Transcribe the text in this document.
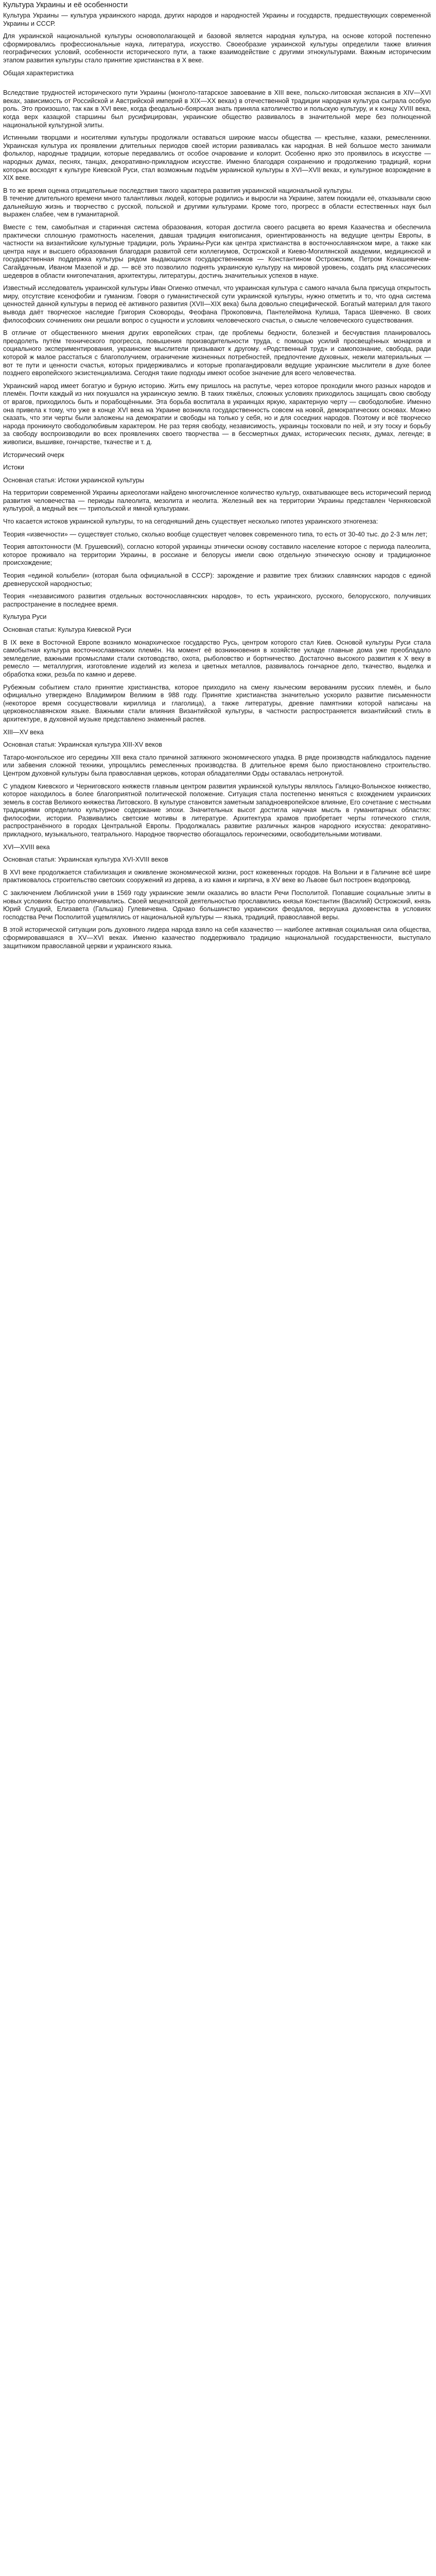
Культура Украины и её особенности

Культура Украины — культура украинского народа, других народов и народностей Украины и государств, предшествующих современной Украины и СССР.

Для украинской национальной культуры основополагающей и базовой является народная культура, на основе которой постепенно сформировались профессиональные наука, литература, искусство. Своеобразие украинской культуры определили также влияния географических условий, особенности исторического пути, а также взаимодействие с другими этнокультурами. Важным историческим этапом развития культуры стало принятие христианства в X веке.

Общая характеристика

Вследствие трудностей исторического пути Украины (монголо-татарское завоевание в XIII веке, польско-литовская экспансия в XIV—XVI веках, зависимость от Российской и Австрийской империй в XIX—XX веках) в отечественной традиции народная культура сыграла особую роль. Это произошло, так как в XVI веке, когда феодально-боярская знать приняла католичество и польскую культуру, и к концу XVIII века, когда верх казацкой старшины был русифицирован, украинские общество развивалось в значительной мере без полноценной национальной культурной элиты.

Истинными творцами и носителями культуры продолжали оставаться широкие массы общества — крестьяне, казаки, ремесленники. Украинская культура их проявлении длительных периодов своей истории развивалась как народная. В ней большое место занимали фольклор, народные традиции, которые передавались от особое очарование и колорит. Особенно ярко это проявилось в искусстве — народных думах, песнях, танцах, декоративно-прикладном искусстве. Именно благодаря сохранению и продолжению традиций, корни которых восходят к культуре Киевской Руси, стал возможным подъём украинской культуры в XVI—XVII веках, и культурное возрождение в XIX веке.

В то же время оценка отрицательные последствия такого характера развития украинской национальной культуры.
В течение длительного времени много талантливых людей, которые родились и выросли на Украине, затем покидали её, отказывали свою дальнейшую жизнь и творчество с русской, польской и другими культурами. Кроме того, прогресс в области естественных наук был выражен слабее, чем в гуманитарной.

Вместе с тем, самобытная и старинная система образования, которая достигла своего расцвета во время Казачества и обеспечила практически сплошную грамотность населения, давшая традиция книгописания, ориентированность на ведущие центры Европы, в частности на византийские культурные традиции, роль Украины-Руси как центра христианства в восточнославянском мире, а также как центра наук и высшего образования благодаря развитой сети коллегиумов, Острожской и Киево-Могилянской академии, медицинской и государственная поддержка культуры рядом выдающихся государственников — Константином Острожским, Петром Конашевичем-Сагайдачным, Иваном Мазепой и др. — всё это позволило поднять украинскую культуру на мировой уровень, создать ряд классических шедевров в области книгопечатания, архитектуры, литературы, достичь значительных успехов в науке.

Известный исследователь украинской культуры Иван Огиенко отмечал, что украинская культура с самого начала была присуща открытость миру, отсутствие ксенофобии и гуманизм. Говоря о гуманистической сути украинской культуры, нужно отметить и то, что одна система ценностей данной культуры в период её активного развития (XVII—XIX века) была довольно специфической. Богатый материал для такого вывода даёт творческое наследие Григория Сковороды, Феофана Прокоповича, Пантелеймона Кулиша, Тараса Шевченко. В своих философских сочинениях они решали вопрос о сущности и условиях человеческого счастья, о смысле человеческого существования.

В отличие от общественного мнения других европейских стран, где проблемы бедности, болезней и бесчувствия планировалось преодолеть путём технического прогресса, повышения производительности труда, с помощью усилий просвещённых монархов и социального экспериментирования, украинские мыслители призывают к другому. «Родственный труд» и самопознание, свобода, ради которой ж малое расстаться с благополучием, ограничение жизненных потребностей, предпочтение духовных, нежели материальных — вот те пути и ценности счастья, которых придерживались и которые пропагандировали ведущие украинские мыслители в духе более позднего европейского экзистенциализма. Сегодня такие подходы имеют особое значение для всего человечества.

Украинский народ имеет богатую и бурную историю. Жить ему пришлось на распутье, через которое проходили много разных народов и племён. Почти каждый из них покушался на украинскую землю. В таких тяжёлых, сложных условиях приходилось защищать свою свободу от врагов, приходилось быть и порабощёнными. Эта борьба воспитала в украинцах яркую, характерную черту — свободолюбие. Именно она привела к тому, что уже в конце XVI века на Украине возникла государственность совсем на новой, демократических основах. Можно сказать, что эти черты были заложены на демократии и свободы на только у себя, но и для соседних народов. Поэтому и всё творческо народа проникнуто свободолюбивым характером. Не раз теряя свободу, независимость, украинцы тосковали по ней, и эту тоску и борьбу за свободу воспроизводили во всех проявлениях своего творчества — в бессмертных думах, исторических песнях, думах, легенде; в живописи, вышивке, гончарстве, ткачестве и т. д.

Исторический очерк
Истоки
Основная статья: Истоки украинской культуры

На территории современной Украины археологами найдено многочисленное количество культур, охватывающее весь исторический период развития человечества — периоды палеолита, мезолита и неолита. Железный век на территории Украины представлен Черняховской культурой, а медный век — трипольской и ямной культурами.

Что касается истоков украинской культуры, то на сегодняшний день существует несколько гипотез украинского этногенеза:

Теория «извечности» — существует столько, сколько вообще существует человек современного типа, то есть от 30-40 тыс. до 2-3 млн лет;

Теория автохтонности (М. Грушевский), согласно которой украинцы этнически основу составило население которое с периода палеолита, которое проживало на территории Украины, в россиане и белорусы имели свою отдельную этническую основу и традиционное происхождение;

Теория «единой колыбели» (которая была официальной в СССР): зарождение и развитие трех близких славянских народов с единой древнерусской народностью;

Теория «независимого развития отдельных восточнославянских народов», то есть украинского, русского, белорусского, получивших распространение в последнее время.

Культура Руси
Основная статья: Культура Киевской Руси

В IX веке в Восточной Европе возникло монархическое государство Русь, центром которого стал Киев. Основой культуры Руси стала самобытная культура восточнославянских племён. На момент её возникновения в хозяйстве укладе главные дома уже преобладало земледелие, важными промыслами стали скотоводство, охота, рыболовство и бортничество. Достаточно высокого развития к X веку в ремесло — металлургия, изготовление изделий из железа и цветных металлов, развивалось гончарное дело, ткачество, выделка и обработка кожи, резьба по камню и дереве.

Рубежным событием стало принятие христианства, которое приходило на смену языческим верованиям русских племён, и было официально утверждено Владимиром Великим в 988 году. Принятие христианства значительно ускорило развитие письменности (некоторое время сосуществовали кириллица и глаголица), а также литературы, древние памятники которой написаны на церковнославянском языке. Важными стали влияния Византийской культуры, в частности распространяется византийский стиль в архитектуре, в духовной музыке представлено знаменный распев.

XIII—XV века
Основная статья: Украинская культура XIII-XV веков

Татаро-монгольское иго середины XIII века стало причиной затяжного экономического упадка. В ряде производств наблюдалось падение или забвения сложной техники, упрощались ремесленных производства. В длительное время было приостановлено строительство. Центром духовной культуры была православная церковь, которая обладателями Орды оставалась нетронутой.

С упадком Киевского и Черниговского княжеств главным центром развития украинской культуры являлось Галицко-Волынское княжество, которое находилось в более благоприятной политической положение. Ситуация стала постепенно меняться с вхождением украинских земель в состав Великого княжества Литовского. В культуре становится заметным западноевропейское влияние, Его сочетание с местными традициями определило культурное содержание эпохи. Значительных высот достигла научная мысль в гуманитарных областях: философии, истории. Развивались светские мотивы в литературе. Архитектура храмов приобретает черты готического стиля, распространённого в городах Центральной Европы. Продолжалась развитие различных жанров народного искусства: декоративно-прикладного, музыкального, театрального. Народное творчество обогащалось героическими, освободительными мотивами.

XVI—XVIII века
Основная статья: Украинская культура XVI-XVIII веков

В XVI веке продолжается стабилизация и оживление экономической жизни, рост кожевенных городов. На Волыни и в Галичине всё шире практиковалось строительство светских сооружений из дерева, а из камня и кирпича, в XV веке во Львове был построен водопровод.

С заключением Люблинской унии в 1569 году украинские земли оказались во власти Речи Посполитой. Попавшие социальные элиты в новых условиях быстро ополячивались. Своей меценатской деятельностью прославились князья Константин (Василий) Острожский, князь Юрий Слуцкий, Елизавета (Гальшка) Гулевичевна. Однако большинство украинских феодалов, верхушка духовенства в условиях господства Речи Посполитой ущемлялись от национальной культуры — языка, традиций, православной веры.

В этой исторической ситуации роль духовного лидера народа взяло на себя казачество — наиболее активная социальная сила общества, сформировавшаяся в XV—XVI веках. Именно казачество поддерживало традицию национальной государственности, выступало защитником православной церкви и украинского языка.
